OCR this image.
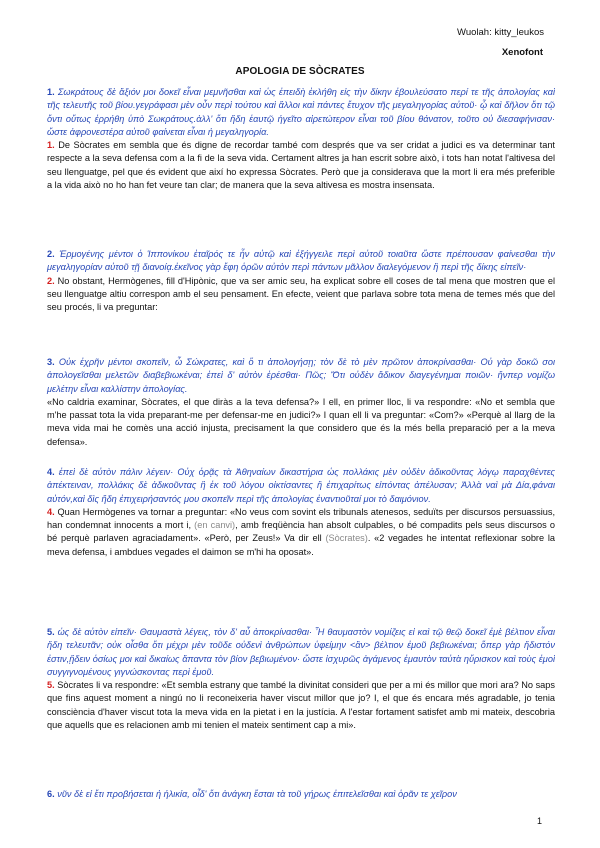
Wuolah: kitty_leukos
Xenofont
APOLOGIA DE SÒCRATES

1. Σωκράτους δὲ ἄξιόν μοι δοκεῖ εἶναι μεμνῆσθαι καὶ ὡς ἐπειδὴ ἐκλήθη εἰς τὴν δίκην ἐβουλεύσατο περί τε τῆς ἀπολογίας καὶ τῆς τελευτῆς τοῦ βίου.γεγράφασι μὲν οὖν περὶ τούτου καὶ ἄλλοι καὶ πάντες ἔτυχον τῆς μεγαληγορίας αὐτοῦ· ᾧ καὶ δῆλον ὅτι τῷ ὄντι οὕτως ἐρρήθη ὑπὸ Σωκράτους.ἀλλ' ὅτι ἤδη ἑαυτῷ ἡγεῖτο αἱρετώτερον εἶναι τοῦ βίου θάνατον, τοῦτο οὐ διεσαφήνισαν· ὥστε ἀφρονεστέρα αὐτοῦ φαίνεται εἶναι ἡ μεγαληγορία.

1. De Sòcrates em sembla que és digne de recordar també com després que va ser cridat a judici es va determinar tant respecte a la seva defensa com a la fi de la seva vida. Certament altres ja han escrit sobre això, i tots han notat l'altivesa del seu llenguatge, pel que és evident que així ho expressa Sòcrates. Però que ja considerava que la mort li era més preferible a la vida això no ho han fet veure tan clar; de manera que la seva altivesa es mostra insensata.

2. Ἑρμογένης μέντοι ὁ Ἱππονίκου ἑταῖρός τε ἦν αὐτῷ καὶ ἐξήγγειλε περὶ αὐτοῦ τοιαῦτα ὥστε πρέπουσαν φαίνεσθαι τὴν μεγαληγορίαν αὐτοῦ τῇ διανοίᾳ.ἐκεῖνος γὰρ ἔφη ὁρῶν αὐτὸν περὶ πάντων μᾶλλον διαλεγόμενον ἢ περὶ τῆς δίκης εἰπεῖν·

2. No obstant, Hermògenes, fill d'Hipònic, que va ser amic seu, ha explicat sobre ell coses de tal mena que mostren que el seu llenguatge altiu correspon amb el seu pensament. En efecte, veient que parlava sobre tota mena de temes més que del seu procés, li va preguntar:

3. Οὐκ ἐχρῆν μέντοι σκοπεῖν, ὦ Σώκρατες, καὶ ὅ τι ἀπολογήσῃ; τὸν δὲ τὸ μὲν πρῶτον ἀποκρίνασθαι· Οὐ γὰρ δοκῶ σοι ἀπολογεῖσθαι μελετῶν διαβεβιωκέναι; ἐπεὶ δ' αὐτὸν ἐρέσθαι· Πῶς; Ὅτι οὐδὲν ἄδικον διαγεγένημαι ποιῶν· ἥνπερ νομίζω μελέτην εἶναι καλλίστην ἀπολογίας.

«No caldria examinar, Sòcrates, el que diràs a la teva defensa?» I ell, en primer lloc, li va respondre: «No et sembla que m'he passat tota la vida preparant-me per defensar-me en judici?» I quan ell li va preguntar: «Com?» «Perquè al llarg de la meva vida mai he comès una acció injusta, precisament la que considero que és la més bella preparació per a la meva defensa».

4. ἐπεὶ δὲ αὐτὸν πάλιν λέγειν· Οὐχ ὁρᾷς τὰ Ἀθηναίων δικαστήρια ὡς πολλάκις μὲν οὐδὲν ἀδικοῦντας λόγῳ παραχθέντες ἀπέκτειναν, πολλάκις δὲ ἀδικοῦντας ἢ ἐκ τοῦ λόγου οἰκτίσαντες ἢ ἐπιχαρίτως εἰπόντας ἀπέλυσαν; Ἀλλὰ ναὶ μὰ Δία,φάναι αὐτόν,καὶ δὶς ἤδη ἐπιχειρήσαντός μου σκοπεῖν περὶ τῆς ἀπολογίας ἐναντιοῦταί μοι τὸ δαιμόνιον.

4. Quan Hermògenes va tornar a preguntar: «No veus com sovint els tribunals atenesos, seduïts per discursos persuassius, han condemnat innocents a mort i, (en canvi), amb freqüència han absolt culpables, o bé compadits pels seus discursos o bé perquè parlaven agraciadament». «Però, per Zeus!» Va dir ell (Sòcrates). «2 vegades he intentat reflexionar sobre la meva defensa, i ambdues vegades el daimon se m'hi ha oposat».

5. ὡς δὲ αὐτὸν εἰπεῖν· Θαυμαστὰ λέγεις, τὸν δ' αὖ ἀποκρίνασθαι· Ἦ θαυμαστὸν νομίζεις εἰ καὶ τῷ θεῷ δοκεῖ ἐμὲ βέλτιον εἶναι ἤδη τελευτᾶν; οὐκ οἶσθα ὅτι μέχρι μὲν τοῦδε οὐδενὶ ἀνθρώπων ὑφείμην <ἂν> βέλτιον ἐμοῦ βεβιωκέναι; ὅπερ γὰρ ἥδιστόν ἐστιν,ᾔδειν ὁσίως μοι καὶ δικαίως ἅπαντα τὸν βίον βεβιωμένον· ὥστε ἰσχυρῶς ἀγάμενος ἐμαυτὸν ταὐτὰ ηὕρισκον καὶ τοὺς ἐμοὶ συγγιγνομένους γιγνώσκοντας περὶ ἐμοῦ.

5. Sòcrates li va respondre: «Et sembla estrany que també la divinitat consideri que per a mi és millor que mori ara? No saps que fins aquest moment a ningú no li reconeixeria haver viscut millor que jo? I, el que és encara més agradable, jo tenia consciència d'haver viscut tota la meva vida en la pietat i en la justícia. A l'estar fortament satisfet amb mi mateix, descobria que aquells que es relacionen amb mi tenien el mateix sentiment cap a mi».

6. νῦν δὲ εἰ ἔτι προβήσεται ἡ ἡλικία, οἶδ' ὅτι ἀνάγκη ἔσται τὰ τοῦ γήρως ἐπιτελεῖσθαι καὶ ὁρᾶν τε χεῖρον

1
